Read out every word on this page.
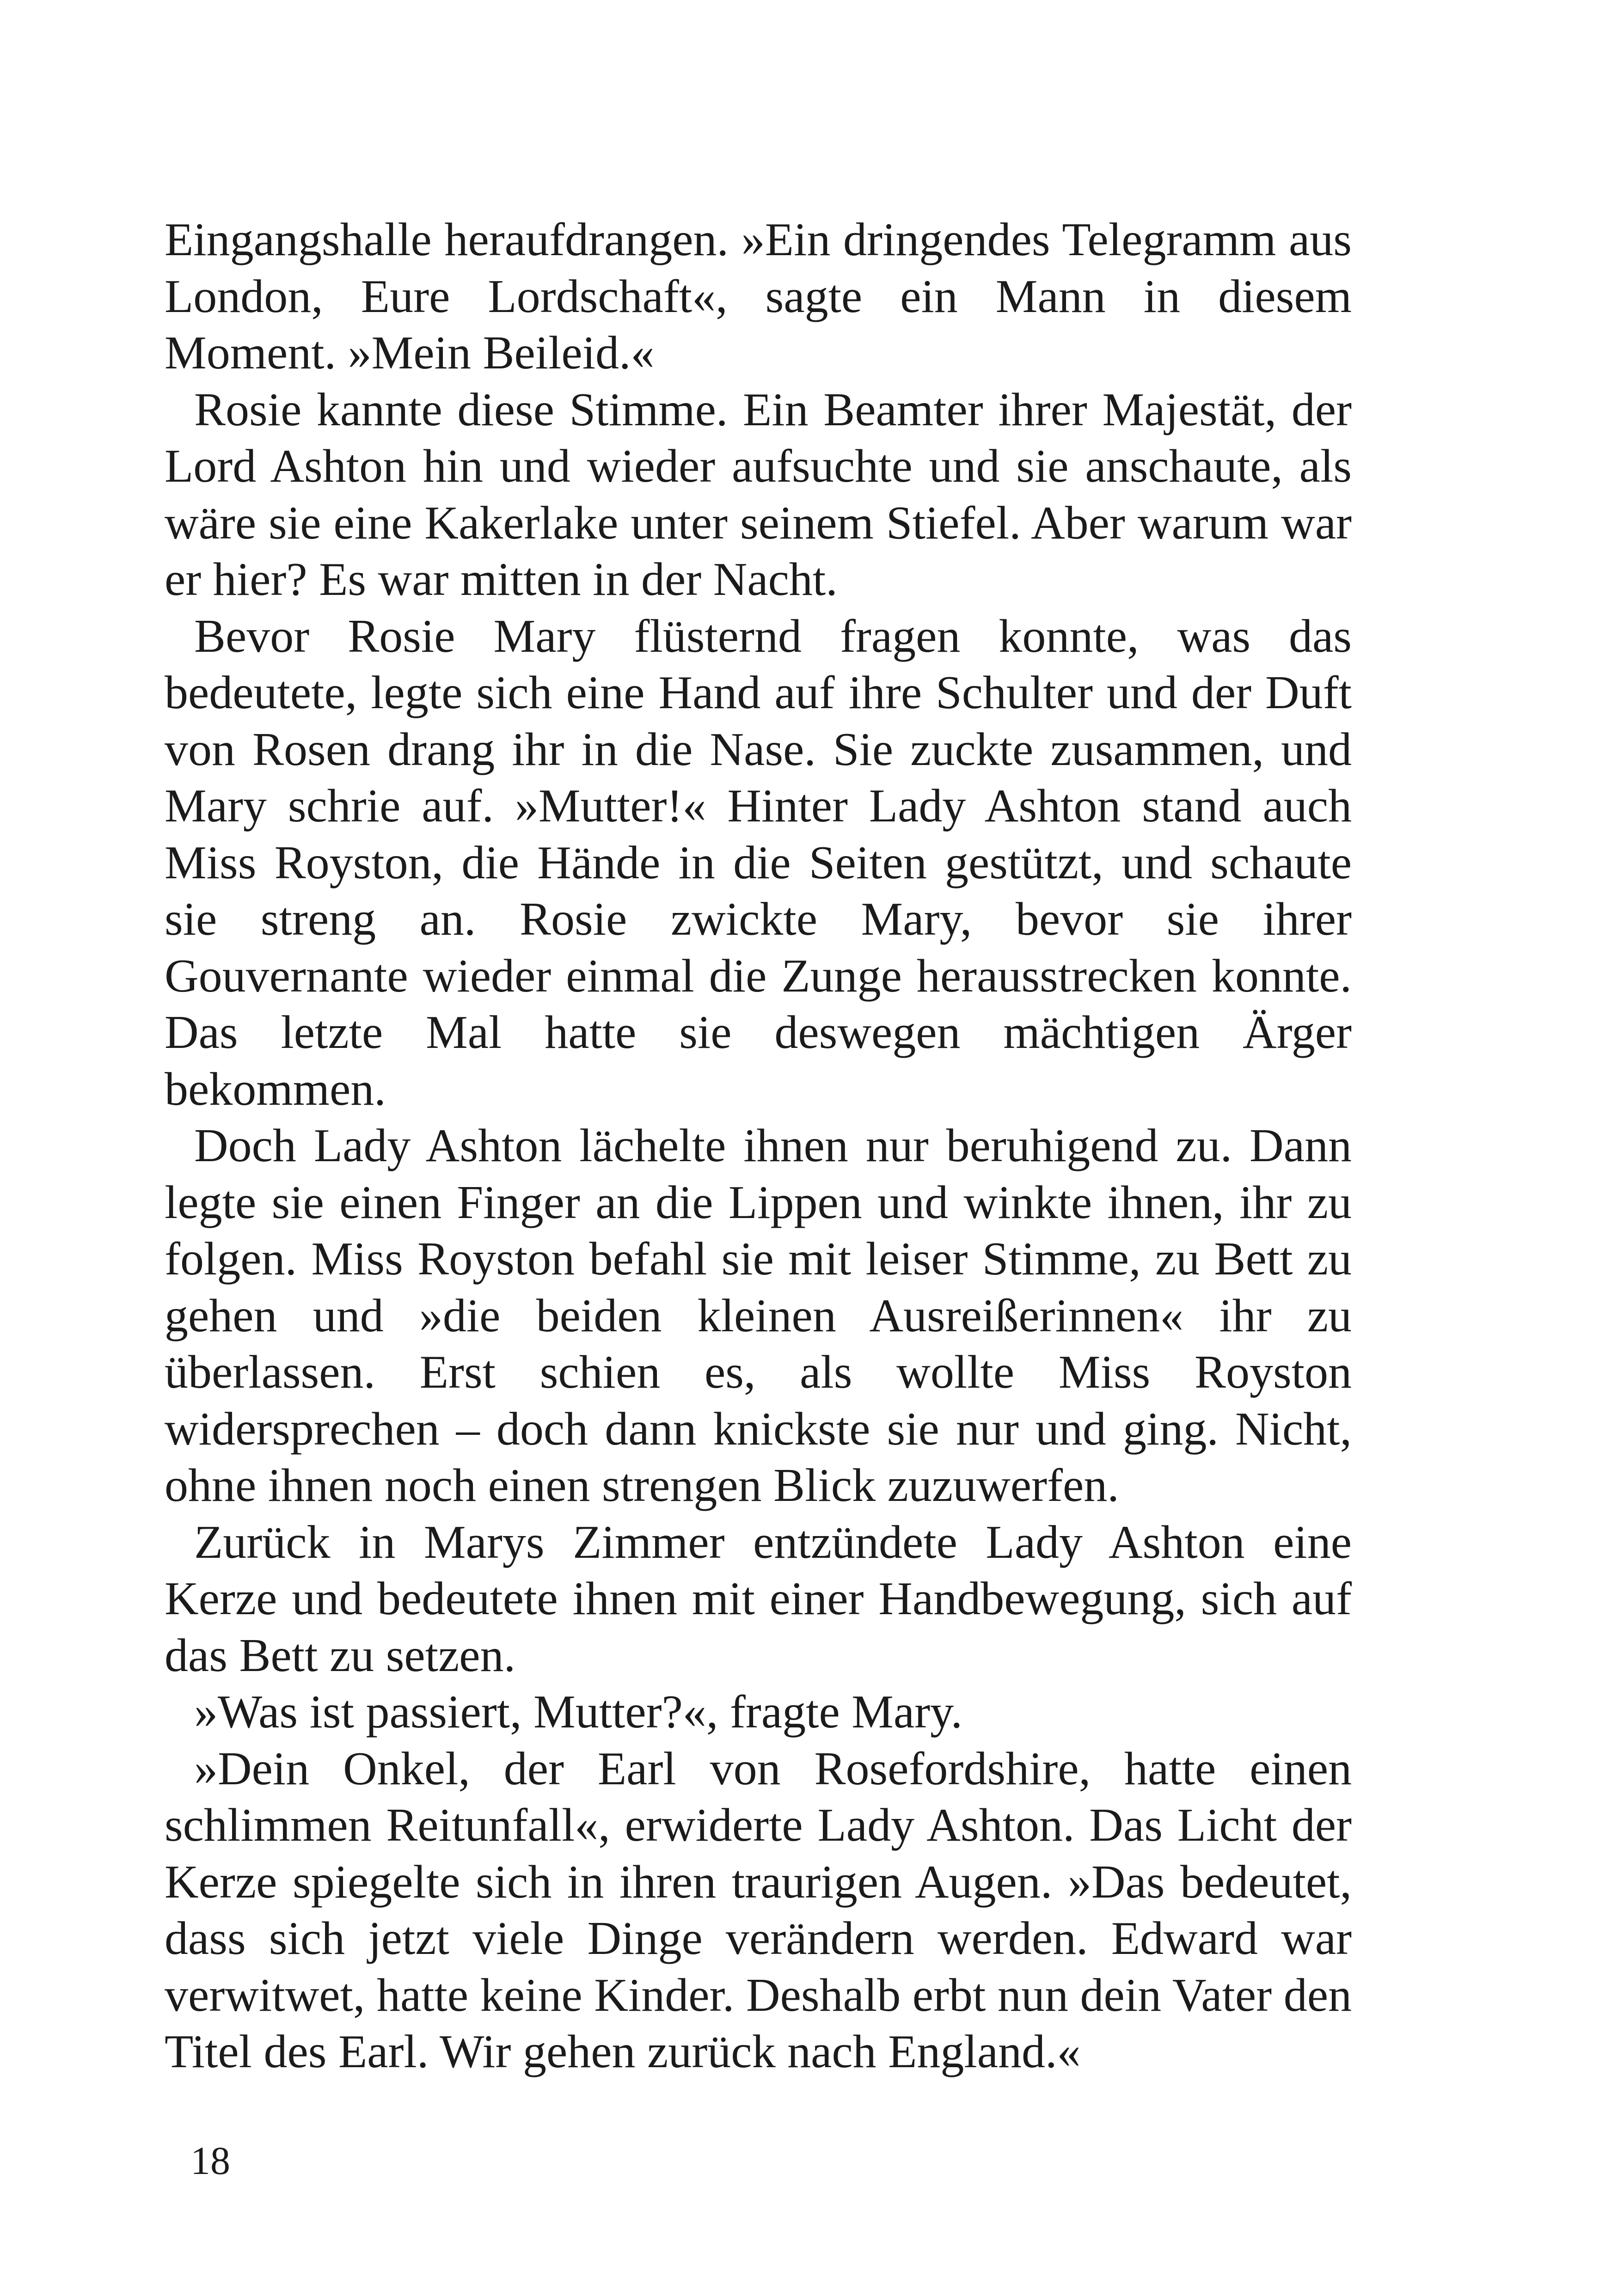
Eingangshalle heraufdrangen. »Ein dringendes Telegramm aus London, Eure Lordschaft«, sagte ein Mann in diesem Moment. »Mein Beileid.«

Rosie kannte diese Stimme. Ein Beamter ihrer Majestät, der Lord Ashton hin und wieder aufsuchte und sie anschaute, als wäre sie eine Kakerlake unter seinem Stiefel. Aber warum war er hier? Es war mitten in der Nacht.

Bevor Rosie Mary flüsternd fragen konnte, was das bedeutete, legte sich eine Hand auf ihre Schulter und der Duft von Rosen drang ihr in die Nase. Sie zuckte zusammen, und Mary schrie auf. »Mutter!« Hinter Lady Ashton stand auch Miss Royston, die Hände in die Seiten gestützt, und schaute sie streng an. Rosie zwickte Mary, bevor sie ihrer Gouvernante wieder einmal die Zunge herausstrecken konnte. Das letzte Mal hatte sie deswegen mächtigen Ärger bekommen.

Doch Lady Ashton lächelte ihnen nur beruhigend zu. Dann legte sie einen Finger an die Lippen und winkte ihnen, ihr zu folgen. Miss Royston befahl sie mit leiser Stimme, zu Bett zu gehen und »die beiden kleinen Ausreißerinnen« ihr zu überlassen. Erst schien es, als wollte Miss Royston widersprechen – doch dann knickste sie nur und ging. Nicht, ohne ihnen noch einen strengen Blick zuzuwerfen.

Zurück in Marys Zimmer entzündete Lady Ashton eine Kerze und bedeutete ihnen mit einer Handbewegung, sich auf das Bett zu setzen.

»Was ist passiert, Mutter?«, fragte Mary.

»Dein Onkel, der Earl von Rosefordshire, hatte einen schlimmen Reitunfall«, erwiderte Lady Ashton. Das Licht der Kerze spiegelte sich in ihren traurigen Augen. »Das bedeutet, dass sich jetzt viele Dinge verändern werden. Edward war verwitwet, hatte keine Kinder. Deshalb erbt nun dein Vater den Titel des Earl. Wir gehen zurück nach England.«

18
